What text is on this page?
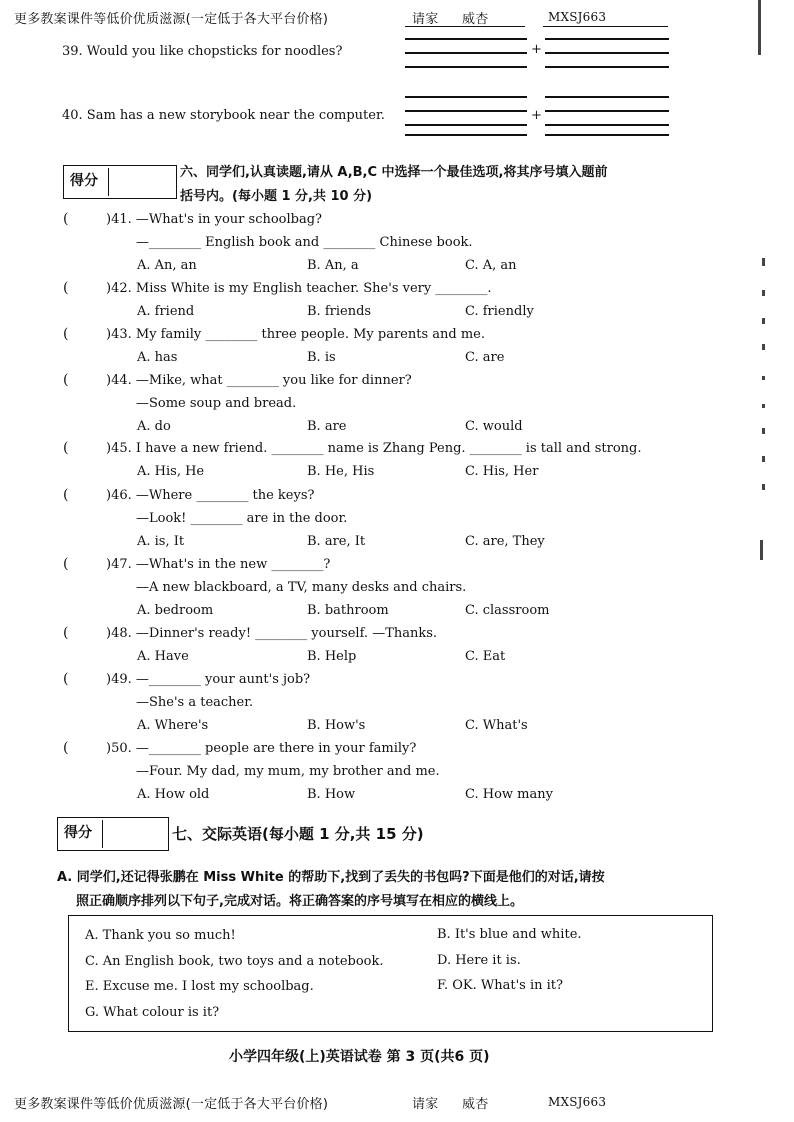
更多教案课件等低价优质滋源(一定低于各大平台价格)	请家 威杏	MXSJ663
39. Would you like chopsticks for noodles?	+
40. Sam has a new storybook near the computer.	+
得分
六、同学们,认真读题,请从 A,B,C 中选择一个最佳选项,将其序号填入题前
括号内。(每小题 1 分,共 10 分)
(	)41. —What's in your schoolbag?
—________ English book and ________ Chinese book.
A. An, an	B. An, a	C. A, an
(	)42. Miss White is my English teacher. She's very ________.
A. friend	B. friends	C. friendly
(	)43. My family ________ three people. My parents and me.
A. has	B. is	C. are
(	)44. —Mike, what ________ you like for dinner?
—Some soup and bread.
A. do	B. are	C. would
(	)45. I have a new friend. ________ name is Zhang Peng. ________ is tall and strong.
A. His, He	B. He, His	C. His, Her
(	)46. —Where ________ the keys?
—Look! ________ are in the door.
A. is, It	B. are, It	C. are, They
(	)47. —What's in the new ________?
—A new blackboard, a TV, many desks and chairs.
A. bedroom	B. bathroom	C. classroom
(	)48. —Dinner's ready! ________ yourself. —Thanks.
A. Have	B. Help	C. Eat
(	)49. —________ your aunt's job?
—She's a teacher.
A. Where's	B. How's	C. What's
(	)50. —________ people are there in your family?
—Four. My dad, my mum, my brother and me.
A. How old	B. How	C. How many
得分	七、交际英语(每小题 1 分,共 15 分)
A. 同学们,还记得张鹏在 Miss White 的帮助下,找到了丢失的书包吗?下面是他们的对话,请按
照正确顺序排列以下句子,完成对话。将正确答案的序号填写在相应的横线上。
A. Thank you so much!	B. It's blue and white.
C. An English book, two toys and a notebook.	D. Here it is.
E. Excuse me. I lost my schoolbag.	F. OK. What's in it?
G. What colour is it?
小学四年级(上)英语试卷 第 3 页(共6 页)
更多教案课件等低价优质滋源(一定低于各大平台价格)	请家 威杏	MXSJ663
